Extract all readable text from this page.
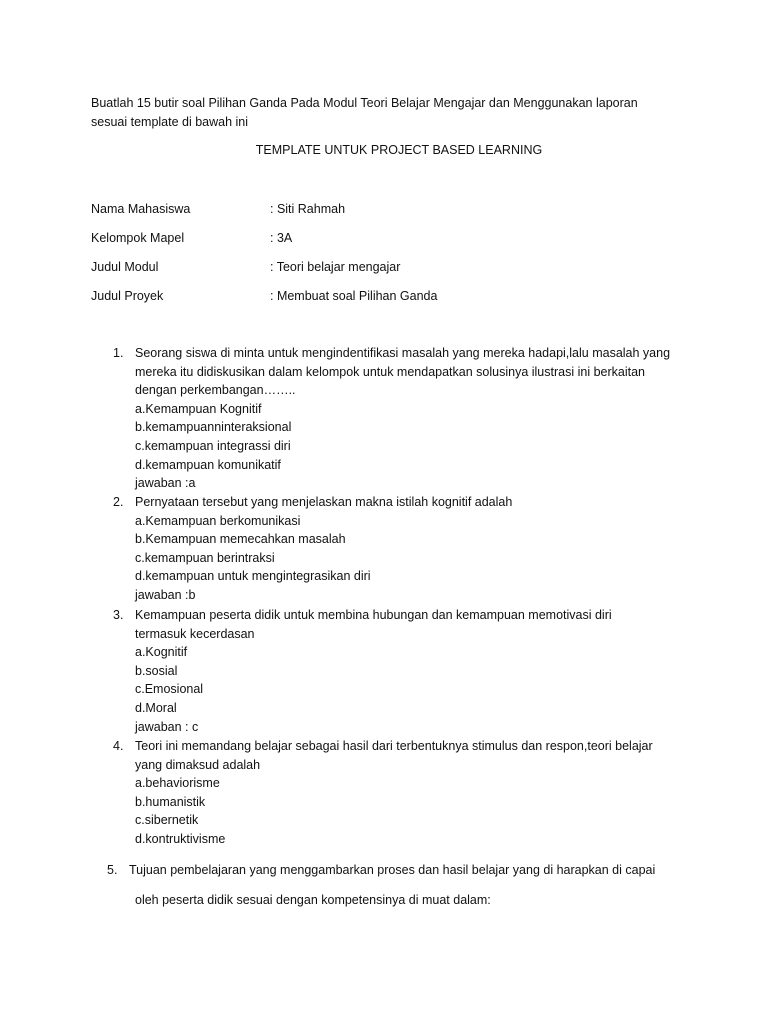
Buatlah 15 butir soal Pilihan Ganda Pada Modul Teori Belajar Mengajar dan Menggunakan laporan
sesuai template di bawah ini
TEMPLATE UNTUK PROJECT BASED LEARNING
Nama Mahasiswa	: Siti Rahmah
Kelompok Mapel	: 3A
Judul Modul	: Teori belajar mengajar
Judul Proyek	: Membuat soal Pilihan Ganda
1. Seorang siswa di minta untuk mengindentifikasi masalah yang mereka hadapi,lalu masalah yang
mereka itu didiskusikan dalam kelompok untuk mendapatkan solusinya ilustrasi ini berkaitan
dengan perkembangan……..
a.Kemampuan Kognitif
b.kemampuanninteraksional
c.kemampuan integrassi diri
d.kemampuan komunikatif
jawaban :a
2. Pernyataan tersebut yang menjelaskan makna istilah kognitif adalah
a.Kemampuan berkomunikasi
b.Kemampuan memecahkan masalah
c.kemampuan berintraksi
d.kemampuan untuk mengintegrasikan diri
jawaban :b
3. Kemampuan peserta didik untuk membina hubungan dan kemampuan memotivasi diri
termasuk kecerdasan
a.Kognitif
b.sosial
c.Emosional
d.Moral
jawaban : c
4. Teori ini memandang belajar sebagai hasil dari terbentuknya stimulus dan respon,teori belajar
yang dimaksud adalah
a.behaviorisme
b.humanistik
c.sibernetik
d.kontruktivisme
5. Tujuan pembelajaran yang menggambarkan proses dan hasil belajar yang di harapkan di capai
oleh peserta didik sesuai dengan kompetensinya di muat dalam:
